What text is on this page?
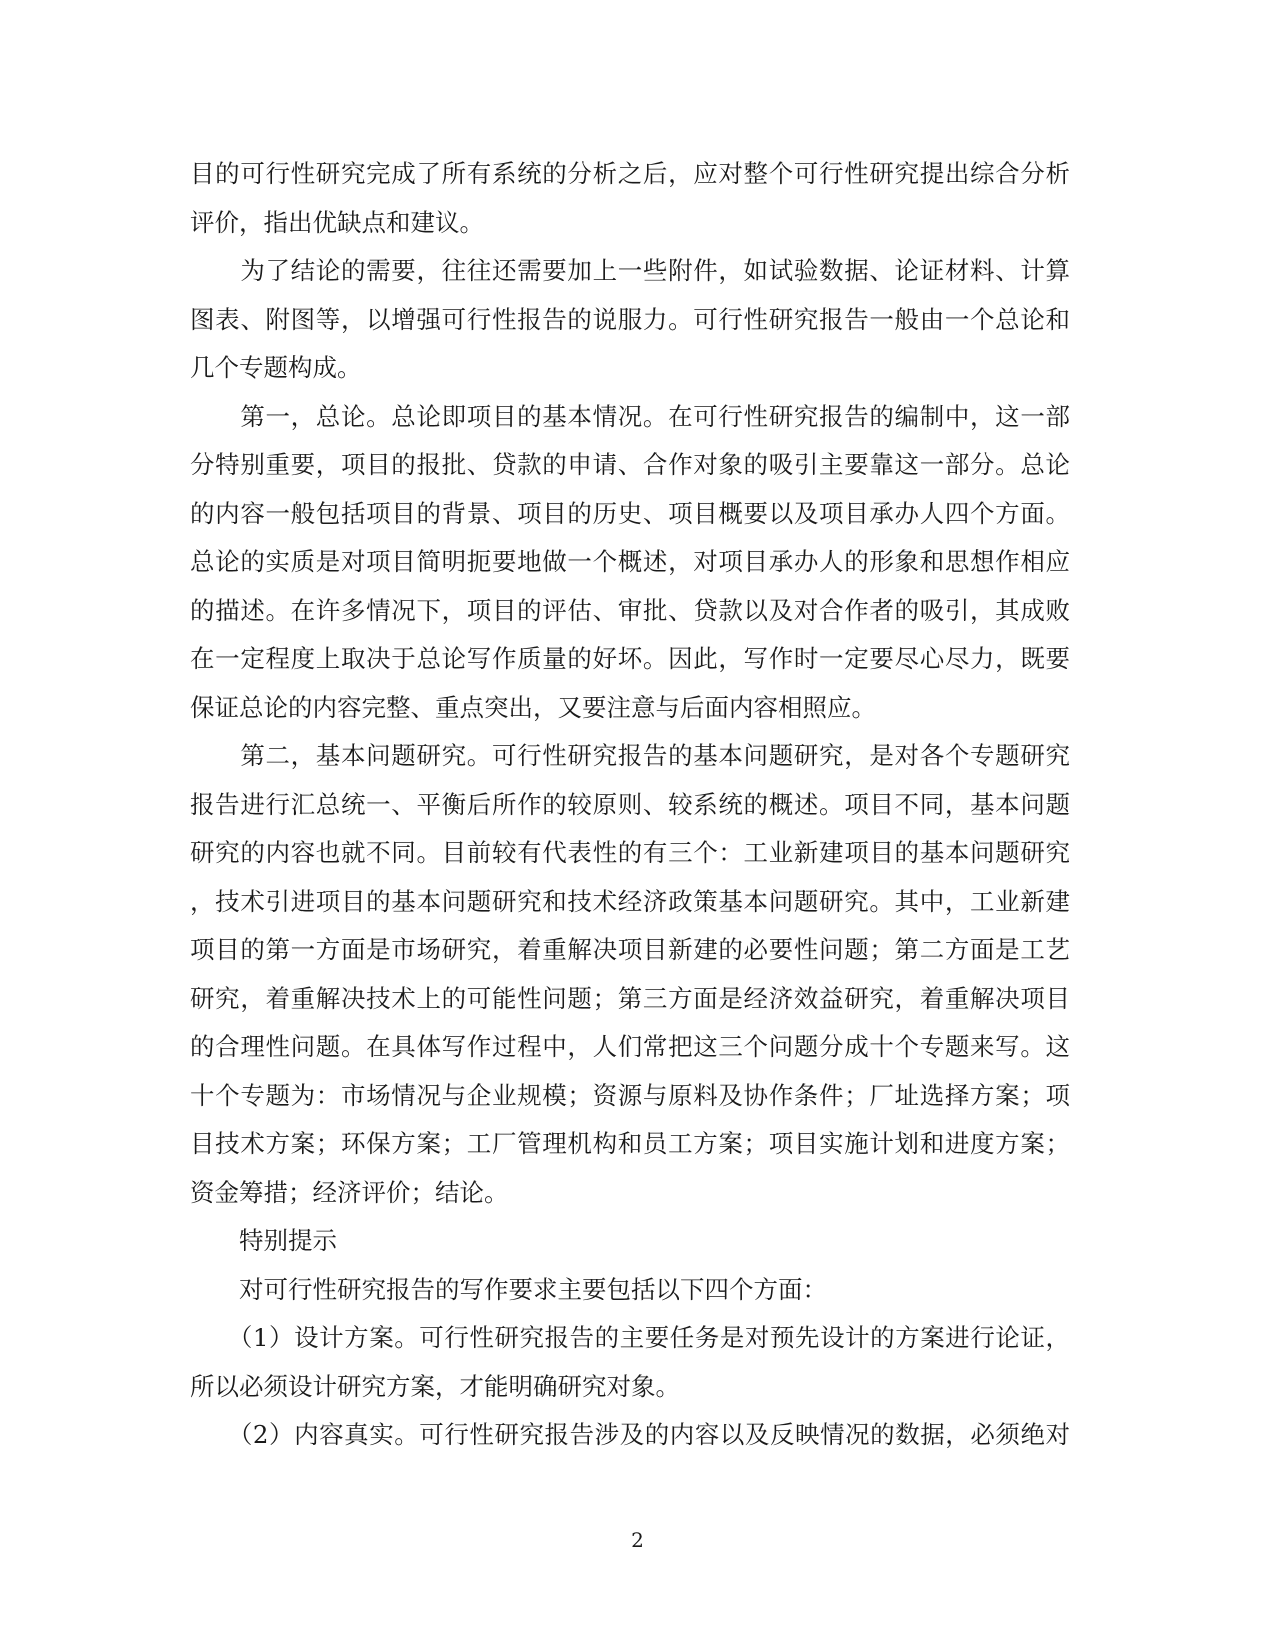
目的可行性研究完成了所有系统的分析之后，应对整个可行性研究提出综合分析
评价，指出优缺点和建议。
　　为了结论的需要，往往还需要加上一些附件，如试验数据、论证材料、计算
图表、附图等，以增强可行性报告的说服力。可行性研究报告一般由一个总论和
几个专题构成。
　　第一，总论。总论即项目的基本情况。在可行性研究报告的编制中，这一部
分特别重要，项目的报批、贷款的申请、合作对象的吸引主要靠这一部分。总论
的内容一般包括项目的背景、项目的历史、项目概要以及项目承办人四个方面。
总论的实质是对项目简明扼要地做一个概述，对项目承办人的形象和思想作相应
的描述。在许多情况下，项目的评估、审批、贷款以及对合作者的吸引，其成败
在一定程度上取决于总论写作质量的好坏。因此，写作时一定要尽心尽力，既要
保证总论的内容完整、重点突出，又要注意与后面内容相照应。
　　第二，基本问题研究。可行性研究报告的基本问题研究，是对各个专题研究
报告进行汇总统一、平衡后所作的较原则、较系统的概述。项目不同，基本问题
研究的内容也就不同。目前较有代表性的有三个：工业新建项目的基本问题研究
，技术引进项目的基本问题研究和技术经济政策基本问题研究。其中，工业新建
项目的第一方面是市场研究，着重解决项目新建的必要性问题；第二方面是工艺
研究，着重解决技术上的可能性问题；第三方面是经济效益研究，着重解决项目
的合理性问题。在具体写作过程中，人们常把这三个问题分成十个专题来写。这
十个专题为：市场情况与企业规模；资源与原料及协作条件；厂址选择方案；项
目技术方案；环保方案；工厂管理机构和员工方案；项目实施计划和进度方案；
资金筹措；经济评价；结论。
　　特别提示
　　对可行性研究报告的写作要求主要包括以下四个方面：
　　（1）设计方案。可行性研究报告的主要任务是对预先设计的方案进行论证，
所以必须设计研究方案，才能明确研究对象。
　　（2）内容真实。可行性研究报告涉及的内容以及反映情况的数据，必须绝对
2
